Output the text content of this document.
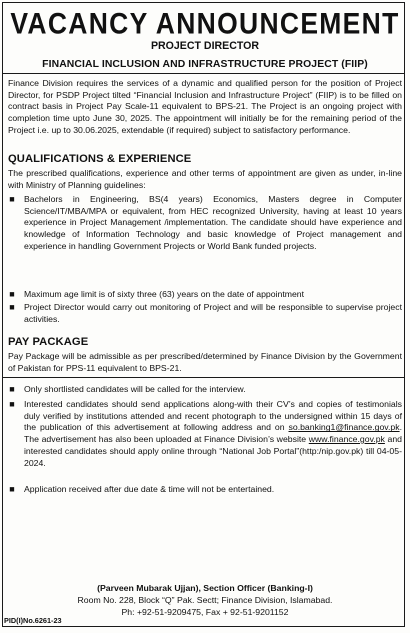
VACANCY ANNOUNCEMENT
PROJECT DIRECTOR
FINANCIAL INCLUSION AND INFRASTRUCTURE PROJECT (FIIP)

Finance Division requires the services of a dynamic and qualified person for the position of Project Director, for PSDP Project tilted “Financial Inclusion and Infrastructure Project” (FIIP) is to be filled on contract basis in Project Pay Scale-11 equivalent to BPS-21. The Project is an ongoing project with completion time upto June 30, 2025. The appointment will initially be for the remaining period of the Project i.e. up to 30.06.2025, extendable (if required) subject to satisfactory performance.

QUALIFICATIONS & EXPERIENCE

The prescribed qualifications, experience and other terms of appointment are given as under, in-line with Ministry of Planning guidelines:

■ Bachelors in Engineering, BS(4 years) Economics, Masters degree in Computer Science/IT/MBA/MPA or equivalent, from HEC recognized University, having at least 10 years experience in Project Management /implementation. The candidate should have experience and knowledge of Information Technology and basic knowledge of Project management and experience in handling Government Projects or World Bank funded projects.
■ Maximum age limit is of sixty three (63) years on the date of appointment
■ Project Director would carry out monitoring of Project and will be responsible to supervise project activities.
PAY PACKAGE

Pay Package will be admissible as per prescribed/determined by Finance Division by the Government of Pakistan for PPS-11 equivalent to BPS-21.

■ Only shortlisted candidates will be called for the interview.
■ Interested candidates should send applications along-with their CV’s and copies of testimonials duly verified by institutions attended and recent photograph to the undersigned within 15 days of the publication of this advertisement at following address and on so.banking1@finance.gov.pk. The advertisement has also been uploaded at Finance Division’s website www.finance.gov.pk and interested candidates should apply online through “National Job Portal”(http:/nip.gov.pk) till 04-05-2024.
■ Application received after due date & time will not be entertained.
(Parveen Mubarak Ujjan), Section Officer (Banking-I)
Room No. 228, Block “Q” Pak. Sectt; Finance Division, Islamabad.
Ph: +92-51-9209475, Fax + 92-51-9201152
PID(I)No.6261-23
